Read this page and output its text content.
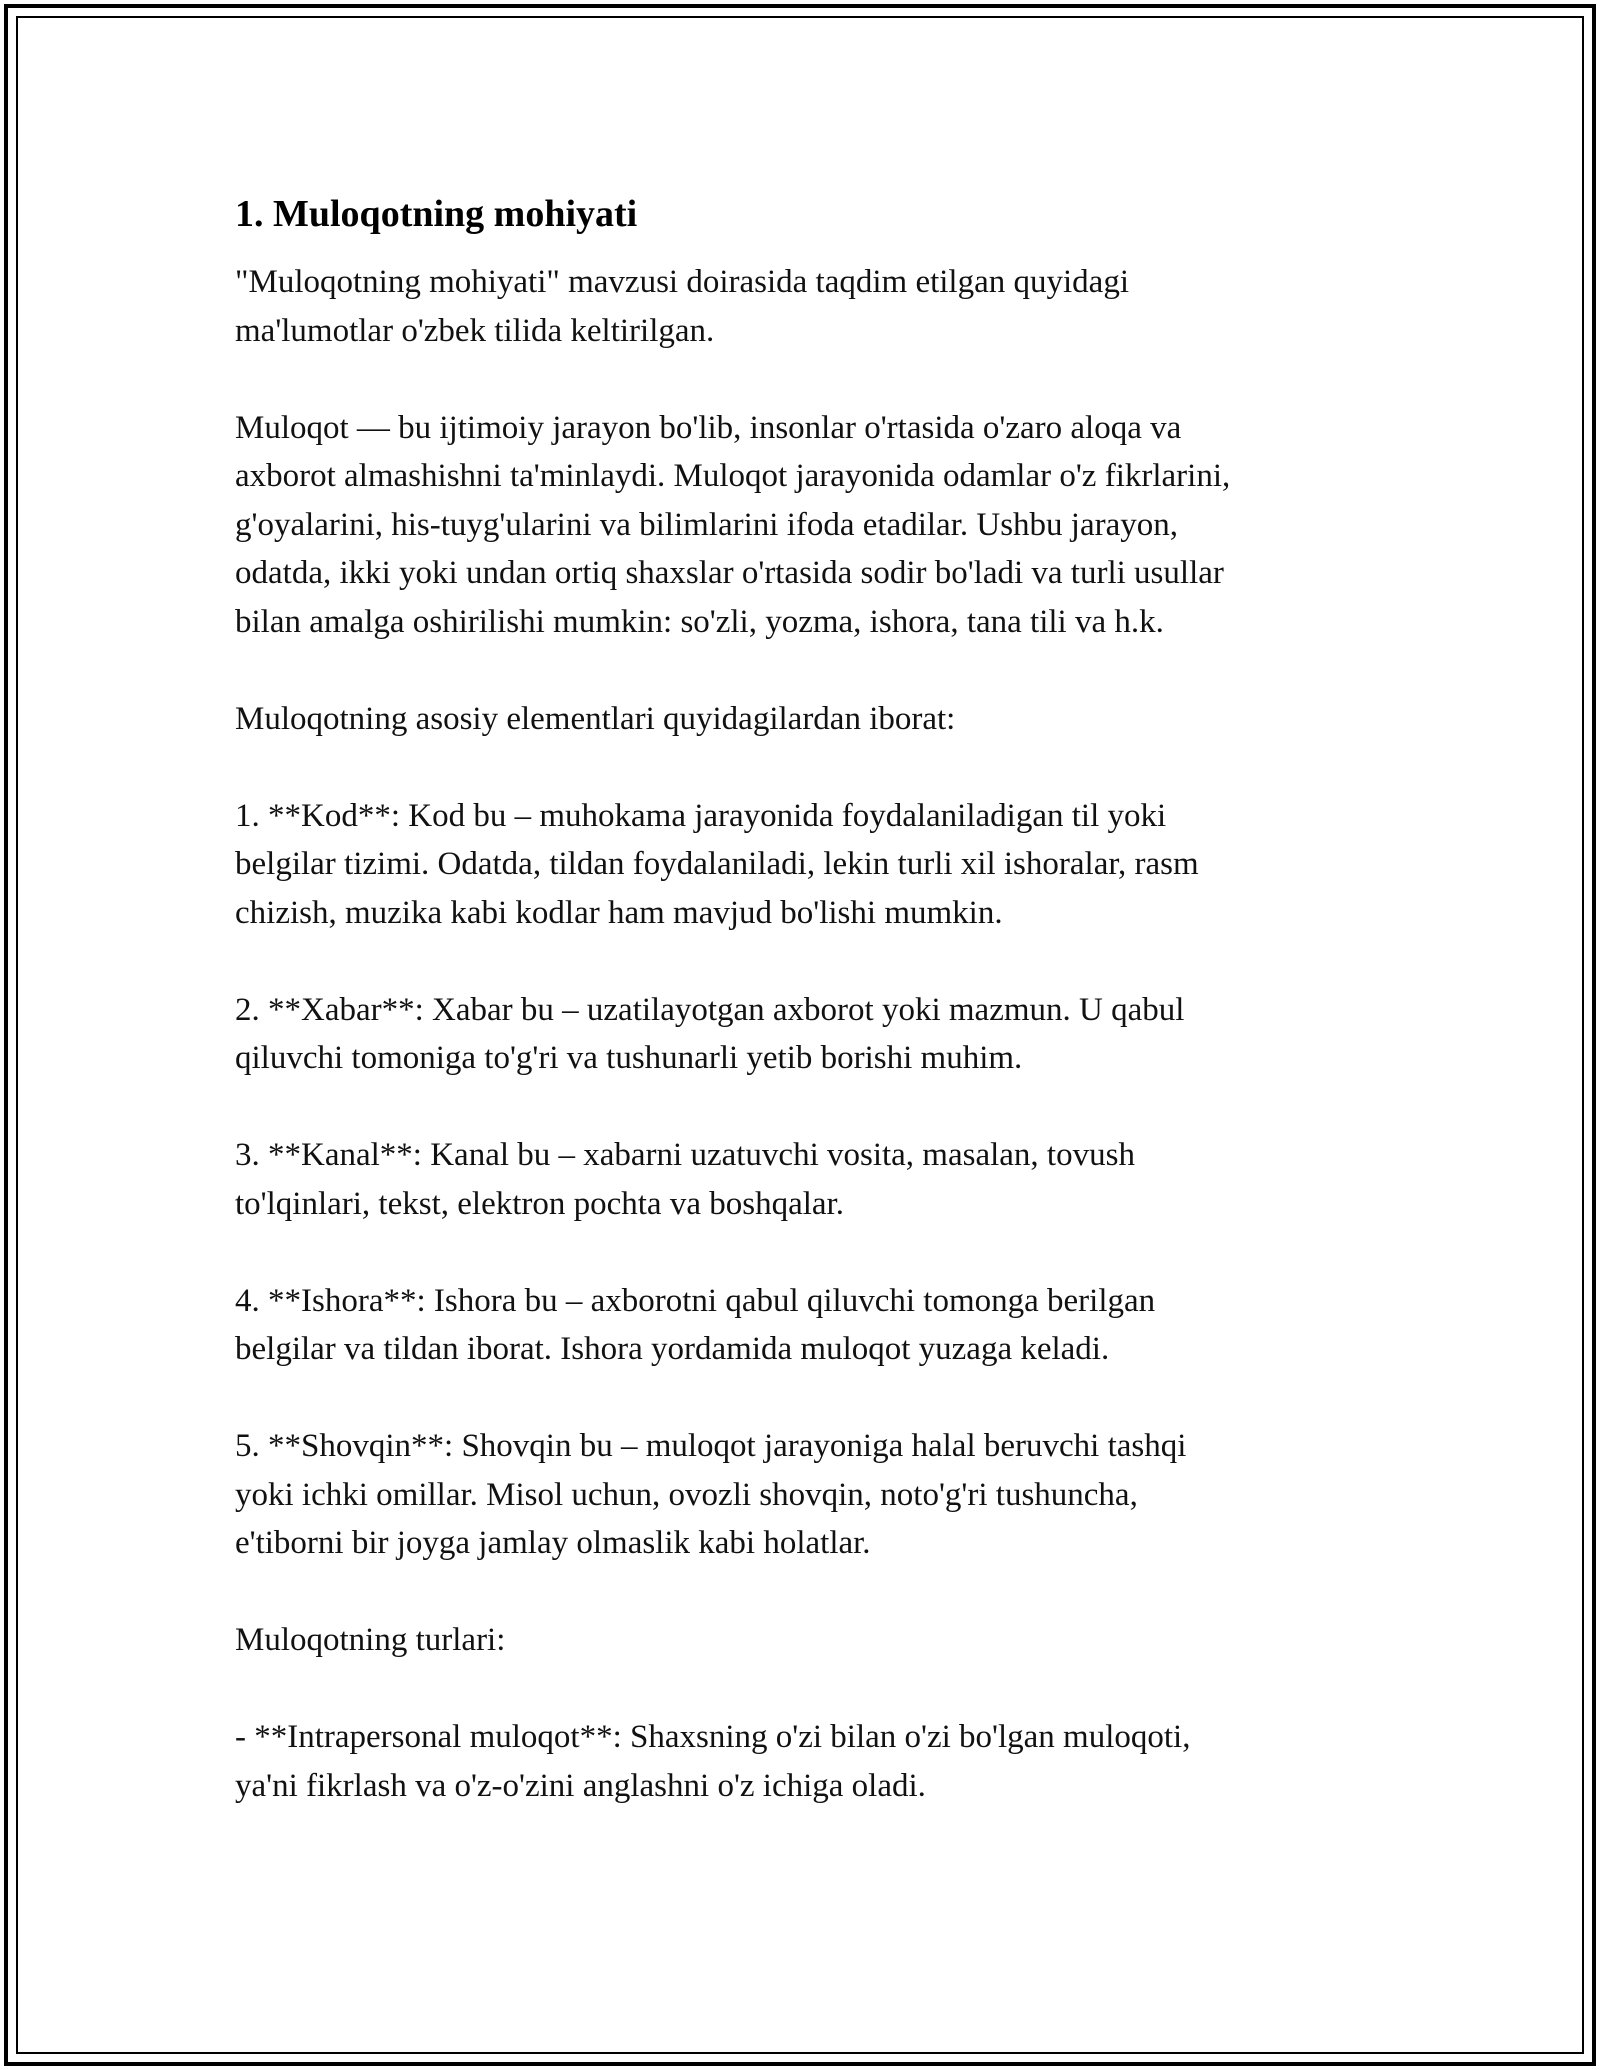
1. Muloqotning mohiyati

"Muloqotning mohiyati" mavzusi doirasida taqdim etilgan quyidagi
ma'lumotlar o'zbek tilida keltirilgan.

Muloqot — bu ijtimoiy jarayon bo'lib, insonlar o'rtasida o'zaro aloqa va
axborot almashishni ta'minlaydi. Muloqot jarayonida odamlar o'z fikrlarini,
g'oyalarini, his-tuyg'ularini va bilimlarini ifoda etadilar. Ushbu jarayon,
odatda, ikki yoki undan ortiq shaxslar o'rtasida sodir bo'ladi va turli usullar
bilan amalga oshirilishi mumkin: so'zli, yozma, ishora, tana tili va h.k.

Muloqotning asosiy elementlari quyidagilardan iborat:

1. **Kod**: Kod bu – muhokama jarayonida foydalaniladigan til yoki
belgilar tizimi. Odatda, tildan foydalaniladi, lekin turli xil ishoralar, rasm
chizish, muzika kabi kodlar ham mavjud bo'lishi mumkin.

2. **Xabar**: Xabar bu – uzatilayotgan axborot yoki mazmun. U qabul
qiluvchi tomoniga to'g'ri va tushunarli yetib borishi muhim.

3. **Kanal**: Kanal bu – xabarni uzatuvchi vosita, masalan, tovush
to'lqinlari, tekst, elektron pochta va boshqalar.

4. **Ishora**: Ishora bu – axborotni qabul qiluvchi tomonga berilgan
belgilar va tildan iborat. Ishora yordamida muloqot yuzaga keladi.

5. **Shovqin**: Shovqin bu – muloqot jarayoniga halal beruvchi tashqi
yoki ichki omillar. Misol uchun, ovozli shovqin, noto'g'ri tushuncha,
e'tiborni bir joyga jamlay olmaslik kabi holatlar.

Muloqotning turlari:

- **Intrapersonal muloqot**: Shaxsning o'zi bilan o'zi bo'lgan muloqoti,
ya'ni fikrlash va o'z-o'zini anglashni o'z ichiga oladi.
